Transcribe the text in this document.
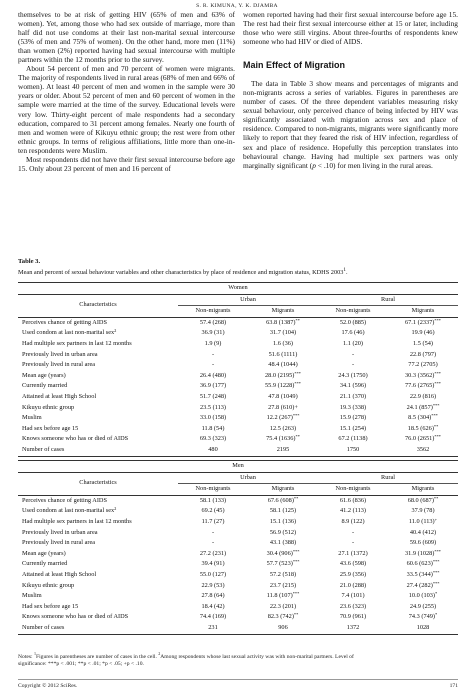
S. R. KIMUNA, Y. K. DJAMBA

themselves to be at risk of getting HIV (65% of men and 63% of women). Yet, among those who had sex outside of marriage, more than half did not use condoms at their last non-marital sexual intercourse (53% of men and 75% of women). On the other hand, more men (11%) than women (2%) reported having had sexual intercourse with multiple partners within the 12 months prior to the survey.

About 54 percent of men and 70 percent of women were migrants. The majority of respondents lived in rural areas (68% of men and 66% of women). At least 40 percent of men and women in the sample were 30 years or older. About 52 percent of men and 60 percent of women in the sample were married at the time of the survey. Educational levels were very low. Thirty-eight percent of male respondents had a secondary education, compared to 31 percent among females. Nearly one fourth of men and women were of Kikuyu ethnic group; the rest were from other ethnic groups. In terms of religious affiliations, little more than one-in-ten respondents were Muslim.

Most respondents did not have their first sexual intercourse before age 15. Only about 23 percent of men and 16 percent of

women reported having had their first sexual intercourse before age 15. The rest had their first sexual intercourse either at 15 or later, including those who were still virgins. About three-fourths of respondents knew someone who had HIV or died of AIDS.

Main Effect of Migration

The data in Table 3 show means and percentages of migrants and non-migrants across a series of variables. Figures in parentheses are number of cases. Of the three dependent variables measuring risky sexual behaviour, only perceived chance of being infected by HIV was significantly associated with migration across sex and place of residence. Compared to non-migrants, migrants were significantly more likely to report that they feared the risk of HIV infection, regardless of sex and place of residence. Hopefully this perception translates into behavioural change. Having had multiple sex partners was only marginally significant (p < .10) for men living in the rural areas.

Table 3.
Mean and percent of sexual behaviour variables and other characteristics by place of residence and migration status, KDHS 2003$^1$.
Women				
Characteristics	Urban		Rural	
	Non-migrants	Migrants	Non-migrants	Migrants
Perceives chance of getting AIDS	57.4 (268)	63.8 (1387)**	52.0 (885)	67.1 (2337)***
Used condom at last non-marital sex$^2$	36.9 (31)	31.7 (104)	17.6 (46)	19.9 (46)
Had multiple sex partners in last 12 months	1.9 (9)	1.6 (36)	1.1 (20)	1.5 (54)
Previously lived in urban area	-	51.6 (1111)	-	22.8 (797)
Previously lived in rural area	-	48.4 (1044)	-	77.2 (2705)
Mean age (years)	26.4 (480)	28.0 (2195)***	24.3 (1750)	30.3 (3562)***
Currently married	36.9 (177)	55.9 (1228)***	34.1 (596)	77.6 (2765)***
Attained at least High School	51.7 (248)	47.8 (1049)	21.1 (370)	22.9 (816)
Kikuyu ethnic group	23.5 (113)	27.8 (610)+	19.3 (338)	24.1 (857)***
Muslim	33.0 (158)	12.2 (267)***	15.9 (278)	8.5 (304)***
Had sex before age 15	11.8 (54)	12.5 (263)	15.1 (254)	18.5 (626)**
Knows someone who has or died of AIDS	69.3 (323)	75.4 (1636)**	67.2 (1138)	76.0 (2651)***
Number of cases	480	2195	1750	3562
Men				
Characteristics	Urban		Rural	
	Non-migrants	Migrants	Non-migrants	Migrants
Perceives chance of getting AIDS	58.1 (133)	67.6 (608)**	61.6 (836)	68.0 (687)**
Used condom at last non-marital sex$^2$	69.2 (45)	58.1 (125)	41.2 (113)	37.9 (78)
Had multiple sex partners in last 12 months	11.7 (27)	15.1 (136)	8.9 (122)	11.0 (113)+
Previously lived in urban area	-	56.9 (512)	-	40.4 (412)
Previously lived in rural area	-	43.1 (388)	-	59.6 (609)
Mean age (years)	27.2 (231)	30.4 (906)***	27.1 (1372)	31.9 (1028)***
Currently married	39.4 (91)	57.7 (523)***	43.6 (598)	60.6 (623)***
Attained at least High School	55.0 (127)	57.2 (518)	25.9 (356)	33.5 (344)***
Kikuyu ethnic group	22.9 (53)	23.7 (215)	21.0 (288)	27.4 (282)***
Muslim	27.8 (64)	11.8 (107)***	7.4 (101)	10.0 (103)*
Had sex before age 15	18.4 (42)	22.3 (201)	23.6 (323)	24.9 (255)
Knows someone who has or died of AIDS	74.4 (169)	82.3 (742)**	70.9 (961)	74.3 (749)*
Number of cases	231	906	1372	1028
Notes: $^1$Figures in parentheses are number of cases in the cell. $^2$Among respondents whose last sexual activity was with non-marital partners. Level of
significance: ***p < .001; **p < .01; *p < .05; +p < .10.
Copyright © 2012 SciRes.	171
